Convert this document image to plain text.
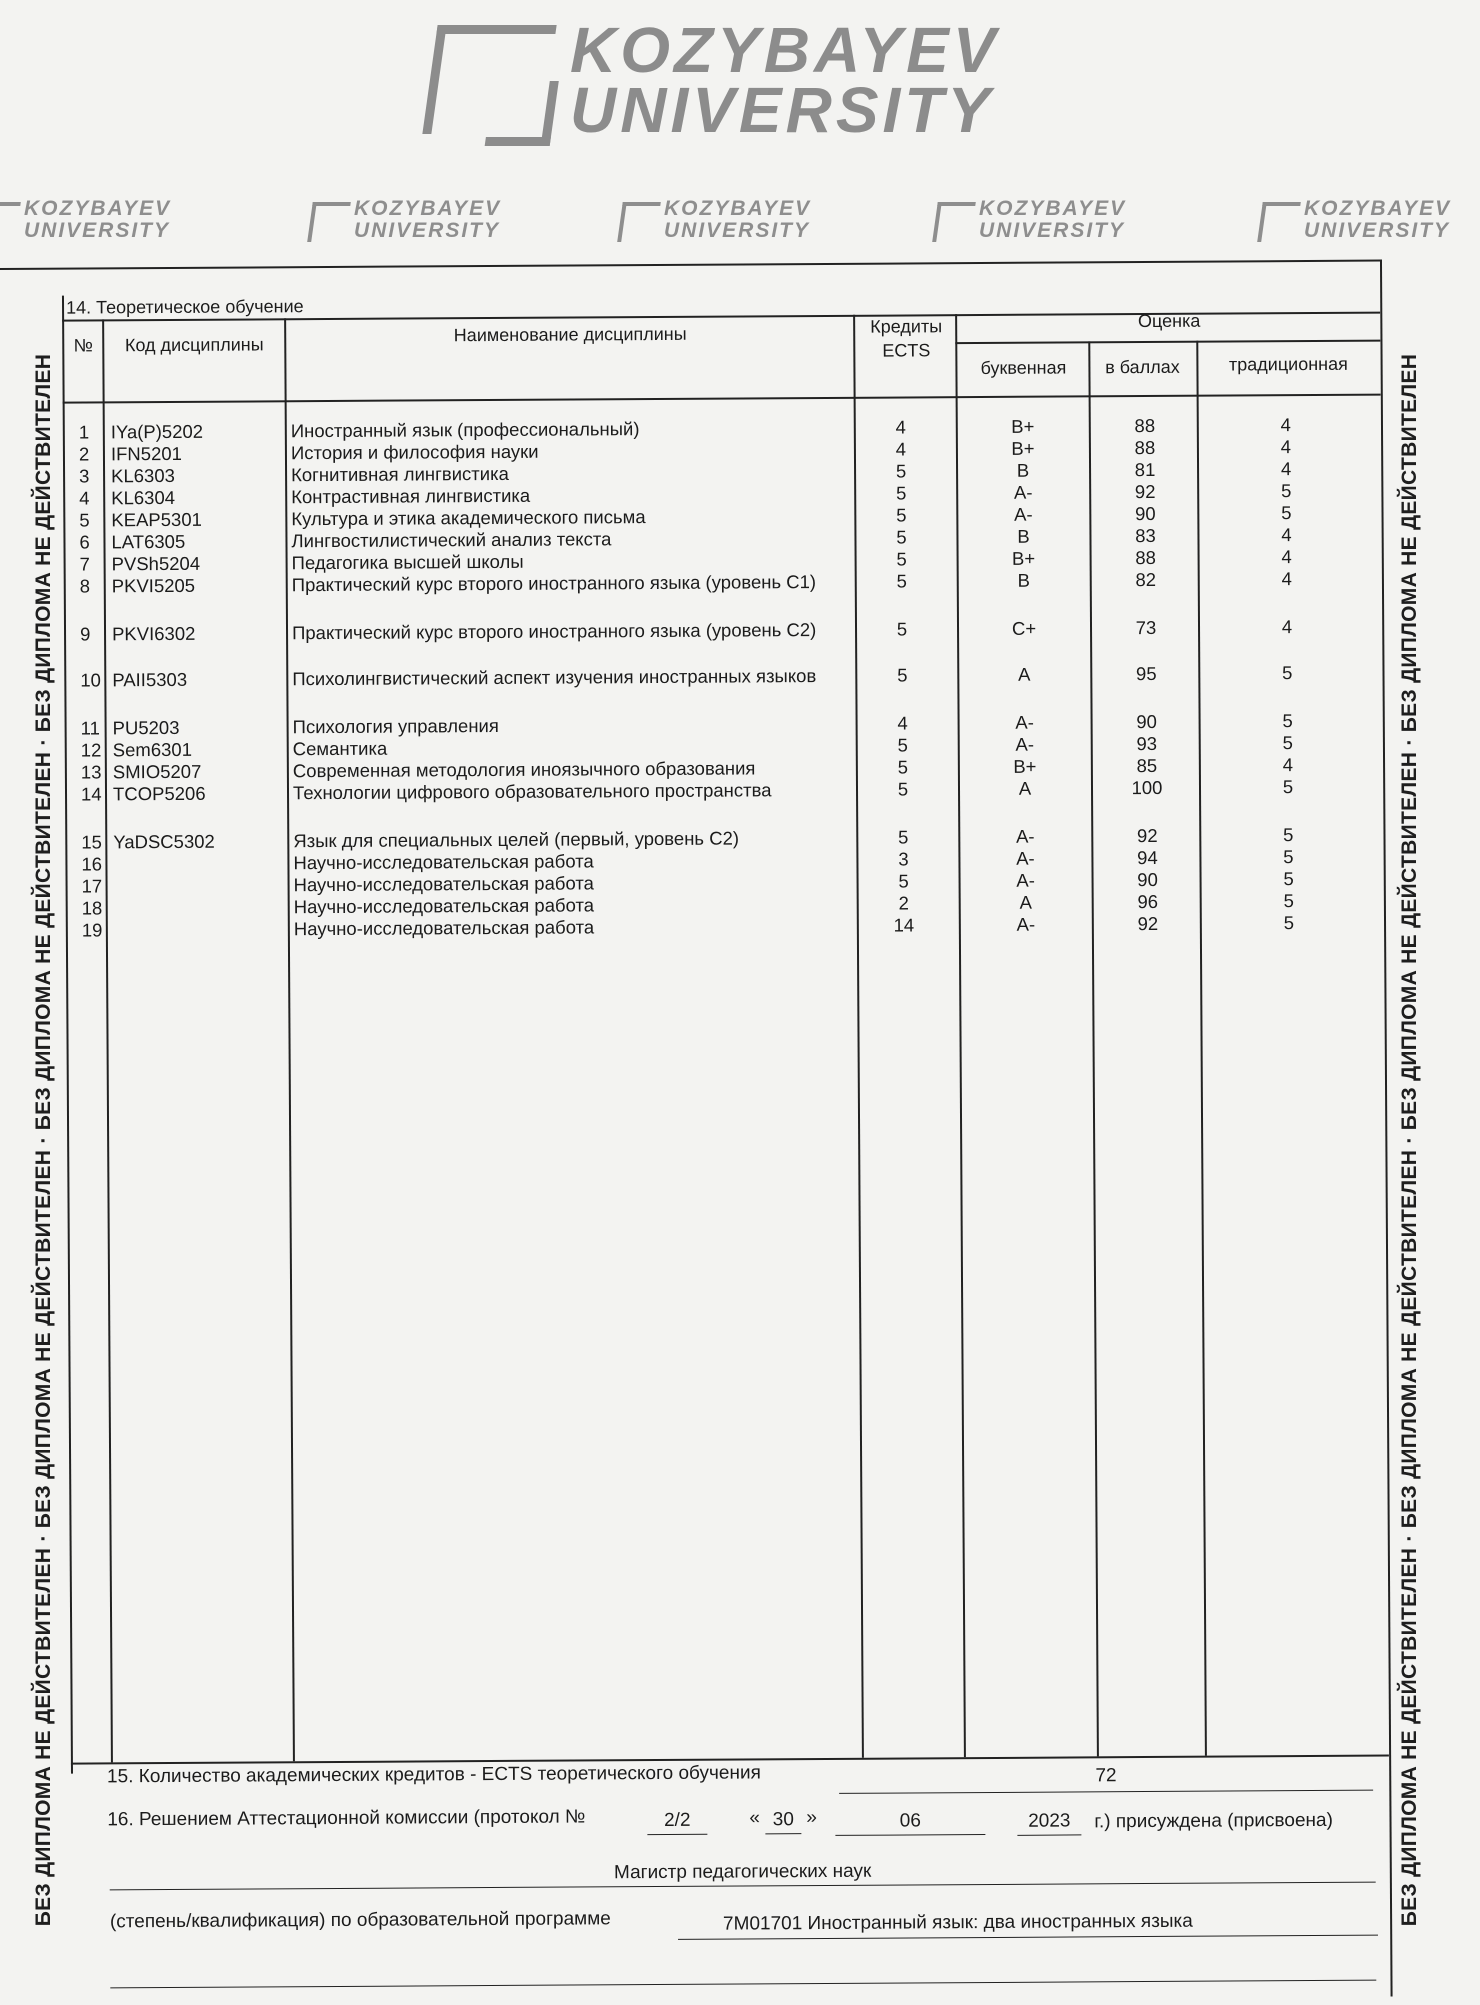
KOZYBAYEV
UNIVERSITY
KOZYBAYEV
UNIVERSITY
KOZYBAYEV
UNIVERSITY
KOZYBAYEV
UNIVERSITY
KOZYBAYEV
UNIVERSITY
KOZYBAYEV
UNIVERSITY
БЕЗ ДИПЛОМА НЕ ДЕЙСТВИТЕЛЕН · БЕЗ ДИПЛОМА НЕ ДЕЙСТВИТЕЛЕН · БЕЗ ДИПЛОМА НЕ ДЕЙСТВИТЕЛЕН · БЕЗ ДИПЛОМА НЕ ДЕЙСТВИТЕЛЕН	БЕЗ ДИПЛОМА НЕ ДЕЙСТВИТЕЛЕН · БЕЗ ДИПЛОМА НЕ ДЕЙСТВИТЕЛЕН · БЕЗ ДИПЛОМА НЕ ДЕЙСТВИТЕЛЕН · БЕЗ ДИПЛОМА НЕ ДЕЙСТВИТЕЛЕН
14. Теоретическое обучение
№	Код дисциплины	Наименование дисциплины	Кредиты ECTS
Оценка
буквенная	в баллах	традиционная
1	IYa(P)5202	Иностранный язык (профессиональный)	4	B+	88	4
2	IFN5201	История и философия науки	4	B+	88	4
3	KL6303	Когнитивная лингвистика	5	B	81	4
4	KL6304	Контрастивная лингвистика	5	A-	92	5
5	KEAP5301	Культура и этика академического письма	5	A-	90	5
6	LAT6305	Лингвостилистический анализ текста	5	B	83	4
7	PVSh5204	Педагогика высшей школы	5	B+	88	4
8	PKVI5205	Практический курс второго иностранного языка (уровень С1)	5	B	82	4
9	PKVI6302	Практический курс второго иностранного языка (уровень С2)	5	C+	73	4
10 PAII5303	Психолингвистический аспект изучения иностранных языков	5	A	95	5
11 PU5203	Психология управления	4	A-	90	5
12 Sem6301	Семантика	5	A-	93	5
13 SMIO5207	Современная методология иноязычного образования	5	B+	85	4
14 TCOP5206	Технологии цифрового образовательного пространства	5	A	100	5
15 YaDSC5302	Язык для специальных целей (первый, уровень С2)	5	A-	92	5
16	Научно-исследовательская работа	3	A-	94	5
17	Научно-исследовательская работа	5	A-	90	5
18	Научно-исследовательская работа	2	A	96	5
19	Научно-исследовательская работа	14	A-	92	5
15. Количество академических кредитов - ECTS теоретического обучения	72
16. Решением Аттестационной комиссии (протокол №	2/2	« 30 »	06	2023	г.) присуждена (присвоена)
Магистр педагогических наук
(степень/квалификация) по образовательной программе	7M01701 Иностранный язык: два иностранных языка
